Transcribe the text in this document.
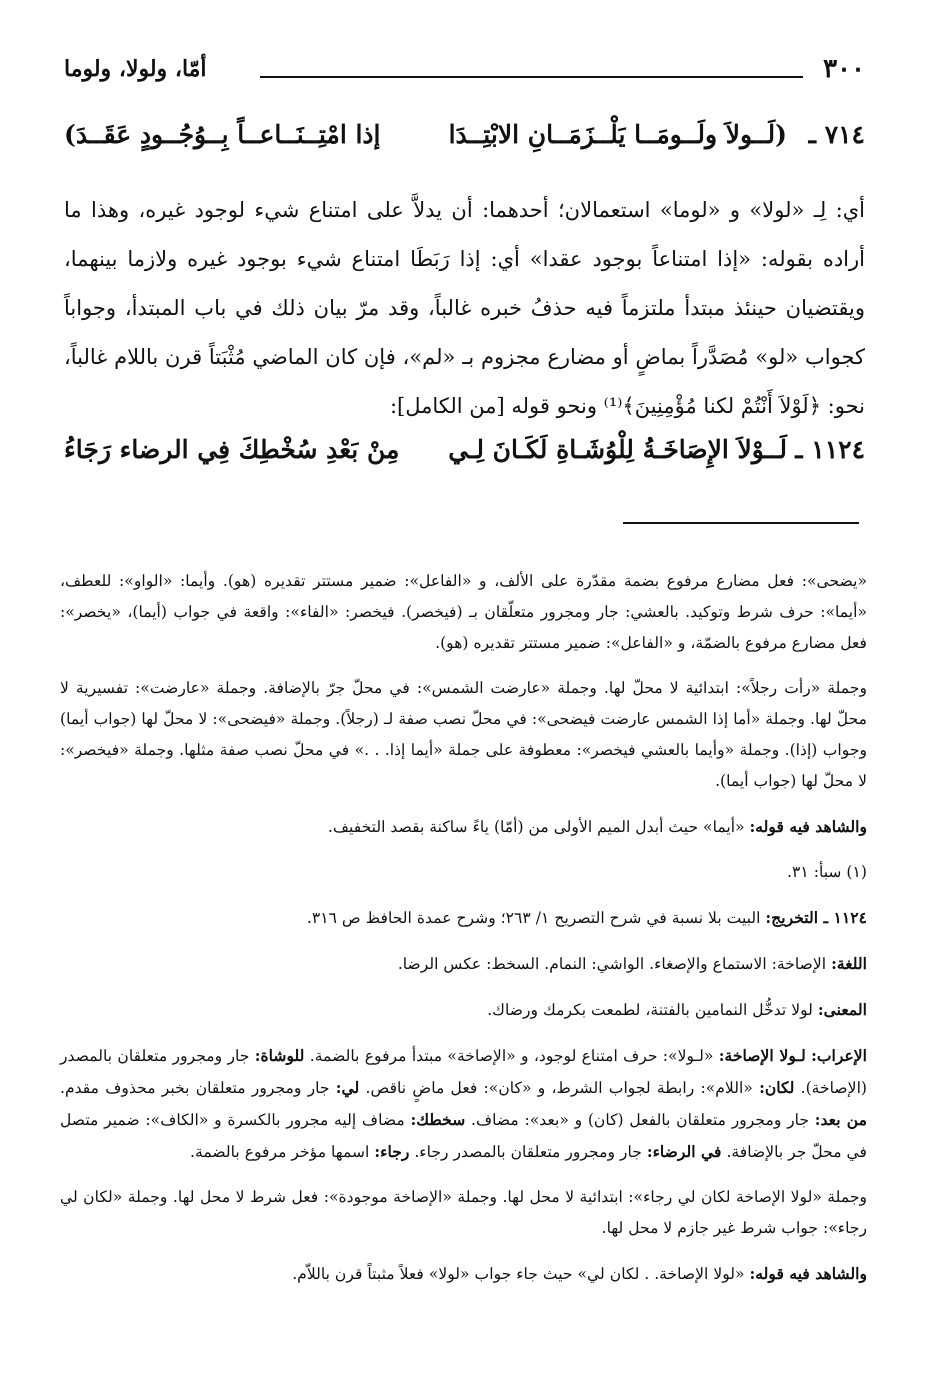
٣٠٠
أمّا، ولولا، ولوما
٧١٤ ـ
(لَــولاَ ولَــومَــا يَلْــزَمَــانِ الابْتِــدَا
إذا امْتِــنَــاعــاً بِــوُجُــودٍ عَقَــدَ)
أي: لِـ «لولا» و «لوما» استعمالان؛ أحدهما: أن يدلاَّ على امتناع شيء لوجود غيره، وهذا ما أراده بقوله: «إذا امتناعاً بوجود عقدا» أي: إذا رَبَطَا امتناع شيء بوجود غيره ولازما بينهما، ويقتضيان حينئذ مبتدأ ملتزماً فيه حذفُ خبره غالباً، وقد مرّ بيان ذلك في باب المبتدأ، وجواباً كجواب «لو» مُصَدَّراً بماضٍ أو مضارع مجزوم بـ «لم»، فإن كان الماضي مُثْبَتاً قرن باللام غالباً، نحو: ﴿لَوْلاَ أَنْتُمْ لكنا مُؤْمِنِينَ﴾⁽¹⁾ ونحو قوله [من الكامل]:
١١٢٤ ـ
لَــوْلاَ الإِصَاخَـةُ لِلْوُشَـاةِ لَكَـانَ لِـي
مِنْ بَعْدِ سُخْطِكَ فِي الرضاء رَجَاءُ
«يضحى»: فعل مضارع مرفوع بضمة مقدّرة على الألف، و «الفاعل»: ضمير مستتر تقديره (هو). وأيما: «الواو»: للعطف، «أيما»: حرف شرط وتوكيد. بالعشي: جار ومجرور متعلّقان بـ (فيخصر). فيخصر: «الفاء»: واقعة في جواب (أيما)، «يخصر»: فعل مضارع مرفوع بالضمّة، و «الفاعل»: ضمير مستتر تقديره (هو).
وجملة «رأت رجلاً»: ابتدائية لا محلّ لها. وجملة «عارضت الشمس»: في محلّ جرّ بالإضافة. وجملة «عارضت»: تفسيرية لا محلّ لها. وجملة «أما إذا الشمس عارضت فيضحى»: في محلّ نصب صفة لـ (رجلاً). وجملة «فيضحى»: لا محلّ لها (جواب أيما) وجواب (إذا). وجملة «وأيما بالعشي فيخصر»: معطوفة على جملة «أيما إذا. . .» في محلّ نصب صفة مثلها. وجملة «فيخصر»: لا محلّ لها (جواب أيما).
والشاهد فيه قوله: «أيما» حيث أبدل الميم الأولى من (أمّا) ياءً ساكنة بقصد التخفيف.
(١) سبأ: ٣١.
١١٢٤ ـ التخريج: البيت بلا نسبة في شرح التصريح ١/ ٢٦٣؛ وشرح عمدة الحافظ ص ٣١٦.
اللغة: الإصاخة: الاستماع والإصغاء. الواشي: النمام. السخط: عكس الرضا.
المعنى: لولا تدخُّل النمامين بالفتنة، لطمعت بكرمك ورضاك.
الإعراب: لـولا الإصاخة: «لـولا»: حرف امتناع لوجود، و «الإصاخة» مبتدأ مرفوع بالضمة. للوشاة: جار ومجرور متعلقان بالمصدر (الإصاخة). لكان: «اللام»: رابطة لجواب الشرط، و «كان»: فعل ماضٍ ناقص. لي: جار ومجرور متعلقان بخبر محذوف مقدم. من بعد: جار ومجرور متعلقان بالفعل (كان) و «بعد»: مضاف. سخطك: مضاف إليه مجرور بالكسرة و «الكاف»: ضمير متصل في محلّ جر بالإضافة. في الرضاء: جار ومجرور متعلقان بالمصدر رجاء. رجاء: اسمها مؤخر مرفوع بالضمة.
وجملة «لولا الإصاخة لكان لي رجاء»: ابتدائية لا محل لها. وجملة «الإصاخة موجودة»: فعل شرط لا محل لها. وجملة «لكان لي رجاء»: جواب شرط غير جازم لا محل لها.
والشاهد فيه قوله: «لولا الإصاخة. . لكان لي» حيث جاء جواب «لولا» فعلاً مثبتاً قرن باللاّم.
